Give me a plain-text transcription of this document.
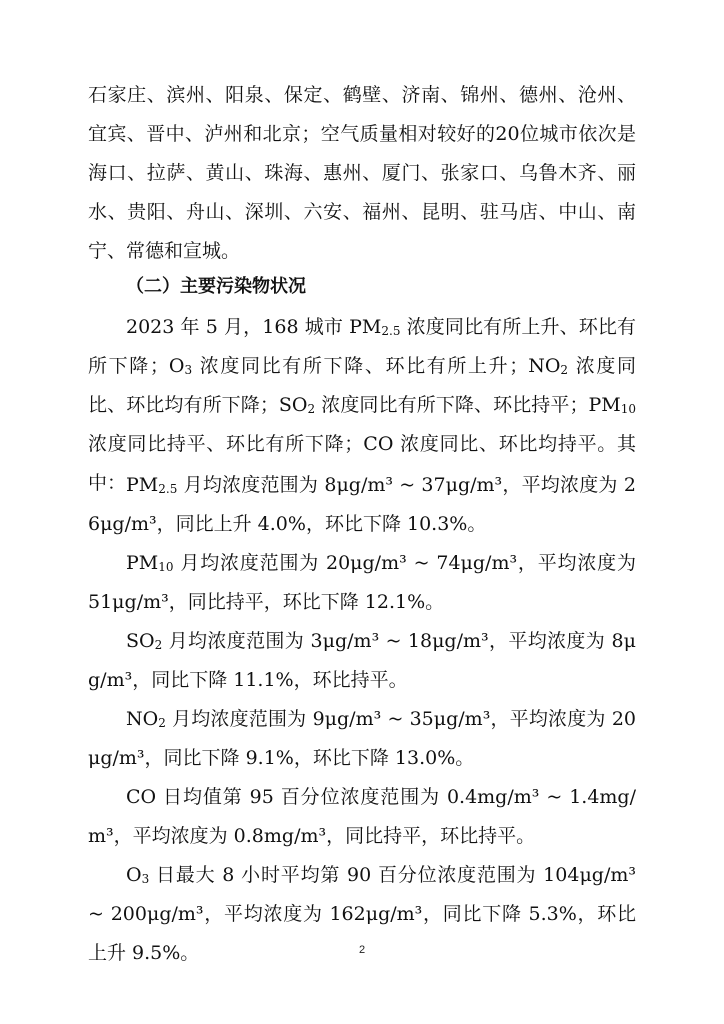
石家庄、滨州、阳泉、保定、鹤壁、济南、锦州、德州、沧州、宜宾、晋中、泸州和北京；空气质量相对较好的20位城市依次是海口、拉萨、黄山、珠海、惠州、厦门、张家口、乌鲁木齐、丽水、贵阳、舟山、深圳、六安、福州、昆明、驻马店、中山、南宁、常德和宣城。

（二）主要污染物状况

2023 年 5 月，168 城市 $PM_{2.5}$ 浓度同比有所上升、环比有所下降；$O_3$ 浓度同比有所下降、环比有所上升；$NO_2$ 浓度同比、环比均有所下降；$SO_2$ 浓度同比有所下降、环比持平；$PM_{10}$ 浓度同比持平、环比有所下降；CO 浓度同比、环比均持平。其中： $PM_{2.5}$ 月均浓度范围为 8μg/m³ ~ 37μg/m³，平均浓度为 26μg/m³，同比上升 4.0%，环比下降 10.3%。

$PM_{10}$ 月均浓度范围为 20μg/m³ ~ 74μg/m³，平均浓度为 51μg/m³，同比持平，环比下降 12.1%。

$SO_2$ 月均浓度范围为 3μg/m³ ~ 18μg/m³，平均浓度为 8μg/m³，同比下降 11.1%，环比持平。

$NO_2$ 月均浓度范围为 9μg/m³ ~ 35μg/m³，平均浓度为 20μg/m³，同比下降 9.1%，环比下降 13.0%。

CO 日均值第 95 百分位浓度范围为 0.4mg/m³ ~ 1.4mg/m³，平均浓度为 0.8mg/m³，同比持平，环比持平。

$O_3$ 日最大 8 小时平均第 90 百分位浓度范围为 104μg/m³ ~ 200μg/m³，平均浓度为 162μg/m³，同比下降 5.3%，环比上升 9.5%。	2
